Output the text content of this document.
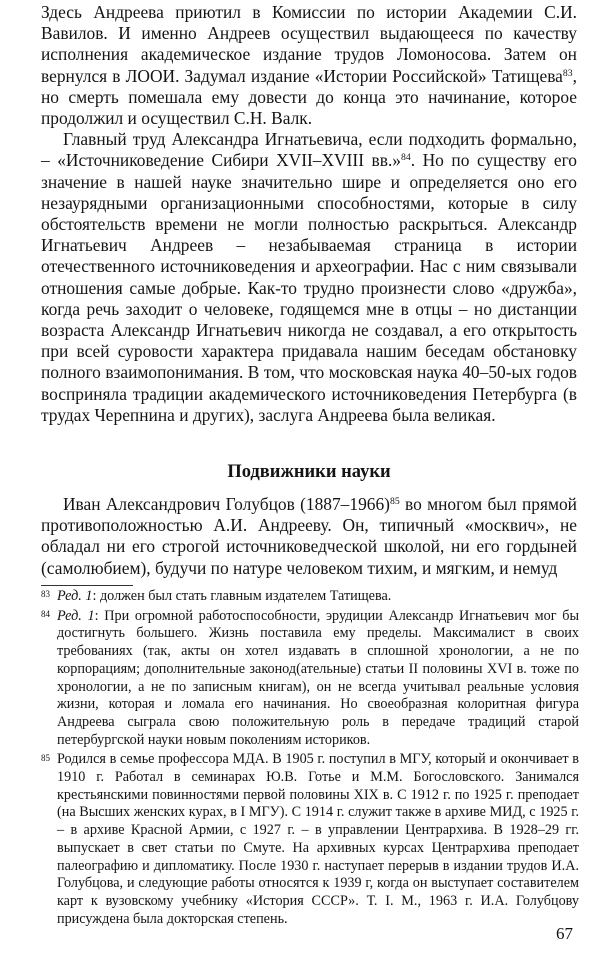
Здесь Андреева приютил в Комиссии по истории Академии С.И. Вавилов. И именно Андреев осуществил выдающееся по качеству исполнения академическое издание трудов Ломоносова. Затем он вернулся в ЛООИ. Задумал издание «Истории Российской» Татищева$^{83}$, но смерть помешала ему довести до конца это начинание, которое продолжил и осуществил С.Н. Валк.

Главный труд Александра Игнатьевича, если подходить формально, – «Источниковедение Сибири XVII–XVIII вв.»$^{84}$. Но по существу его значение в нашей науке значительно шире и определяется оно его незаурядными организационными способностями, которые в силу обстоятельств времени не могли полностью раскрыться. Александр Игнатьевич Андреев – незабываемая страница в истории отечественного источниковедения и археографии. Нас с ним связывали отношения самые добрые. Как-то трудно произнести слово «дружба», когда речь заходит о человеке, годящемся мне в отцы – но дистанции возраста Александр Игнатьевич никогда не создавал, а его открытость при всей суровости характера придавала нашим беседам обстановку полного взаимопонимания. В том, что московская наука 40–50-ых годов восприняла традиции академического источниковедения Петербурга (в трудах Черепнина и других), заслуга Андреева была великая.

Подвижники науки

Иван Александрович Голубцов (1887–1966)$^{85}$ во многом был прямой противоположностью А.И. Андрееву. Он, типичный «москвич», не обладал ни его строгой источниковедческой школой, ни его гордыней (самолюбием), будучи по натуре человеком тихим, и мягким, и немуд

83 Ред. 1: должен был стать главным издателем Татищева.
84 Ред. 1: При огромной работоспособности, эрудиции Александр Игнатьевич мог бы достигнуть большего. Жизнь поставила ему пределы. Максималист в своих требованиях (так, акты он хотел издавать в сплошной хронологии, а не по корпорациям; дополнительные законод(ательные) статьи II половины XVI в. тоже по хронологии, а не по записным книгам), он не всегда учитывал реальные условия жизни, которая и ломала его начинания. Но своеобразная колоритная фигура Андреева сыграла свою положительную роль в передаче традиций старой петербургской науки новым поколениям историков.
85 Родился в семье профессора МДА. В 1905 г. поступил в МГУ, который и окончивает в 1910 г. Работал в семинарах Ю.В. Готье и М.М. Богословского. Занимался крестьянскими повинностями первой половины XIX в. С 1912 г. по 1925 г. преподает (на Высших женских курах, в I МГУ). С 1914 г. служит также в архиве МИД, с 1925 г. – в архиве Красной Армии, с 1927 г. – в управлении Центрархива. В 1928–29 гг. выпускает в свет статьи по Смуте. На архивных курсах Центрархива преподает палеографию и дипломатику. После 1930 г. наступает перерыв в издании трудов И.А. Голубцова, и следующие работы относятся к 1939 г, когда он выступает составителем карт к вузовскому учебнику «История СССР». Т. I. М., 1963 г. И.А. Голубцову присуждена была докторская степень.
67
